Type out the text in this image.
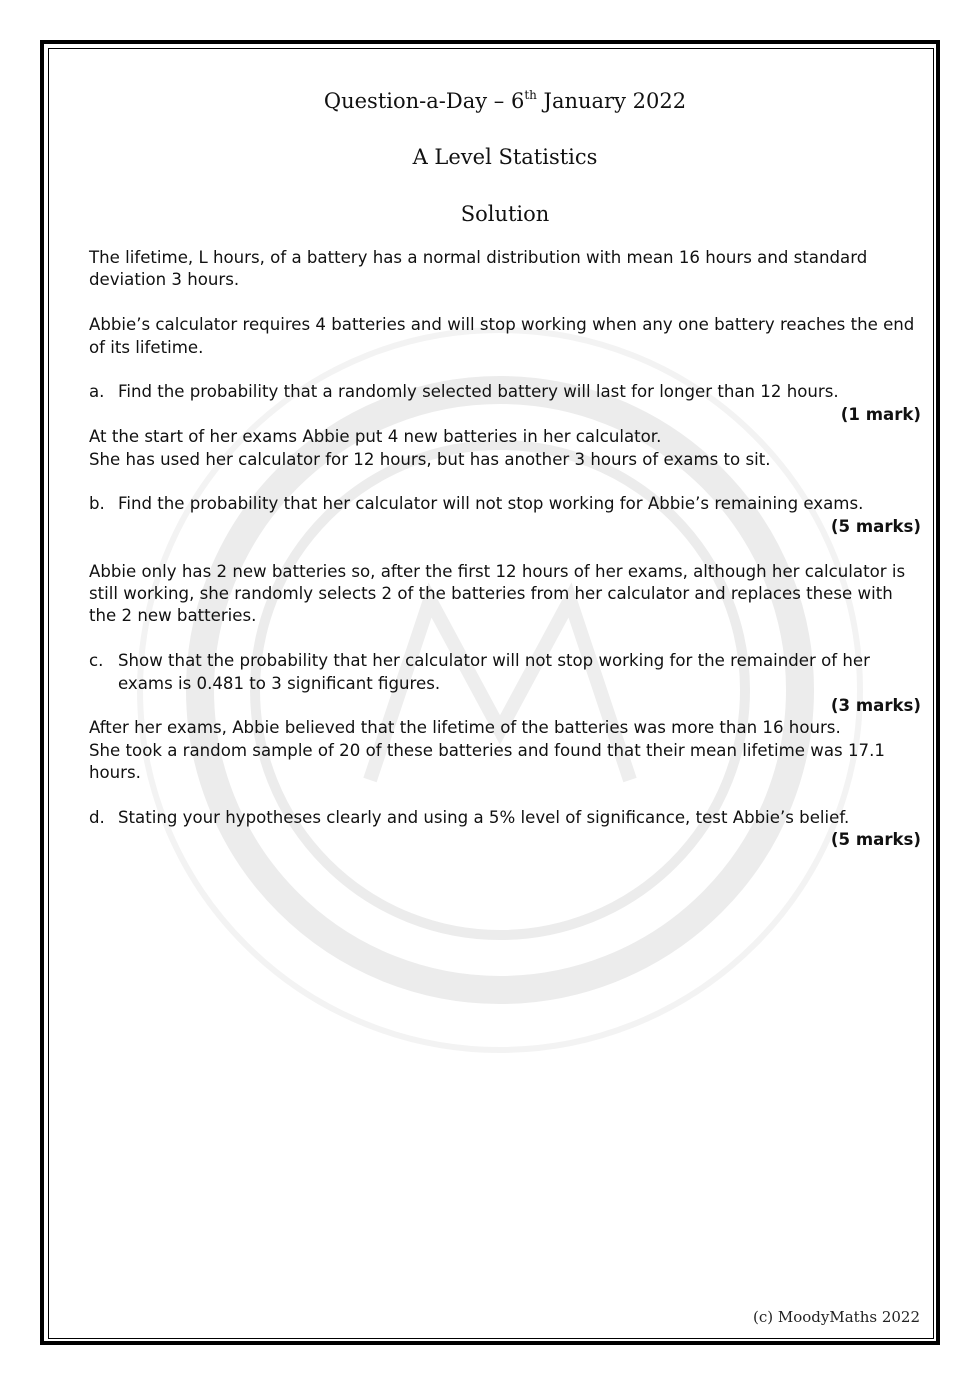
Question-a-Day – 6th January 2022
A Level Statistics
Solution

The lifetime, L hours, of a battery has a normal distribution with mean 16 hours and standard deviation 3 hours.

Abbie’s calculator requires 4 batteries and will stop working when any one battery reaches the end of its lifetime.

a. Find the probability that a randomly selected battery will last for longer than 12 hours.
(1 mark)

At the start of her exams Abbie put 4 new batteries in her calculator.

She has used her calculator for 12 hours, but has another 3 hours of exams to sit.

b. Find the probability that her calculator will not stop working for Abbie’s remaining exams.
(5 marks)

Abbie only has 2 new batteries so, after the first 12 hours of her exams, although her calculator is still working, she randomly selects 2 of the batteries from her calculator and replaces these with the 2 new batteries.

c. Show that the probability that her calculator will not stop working for the remainder of her exams is 0.481 to 3 significant figures.
(3 marks)

After her exams, Abbie believed that the lifetime of the batteries was more than 16 hours.

She took a random sample of 20 of these batteries and found that their mean lifetime was 17.1 hours.

d. Stating your hypotheses clearly and using a 5% level of significance, test Abbie’s belief.
(5 marks)
(c) MoodyMaths 2022
